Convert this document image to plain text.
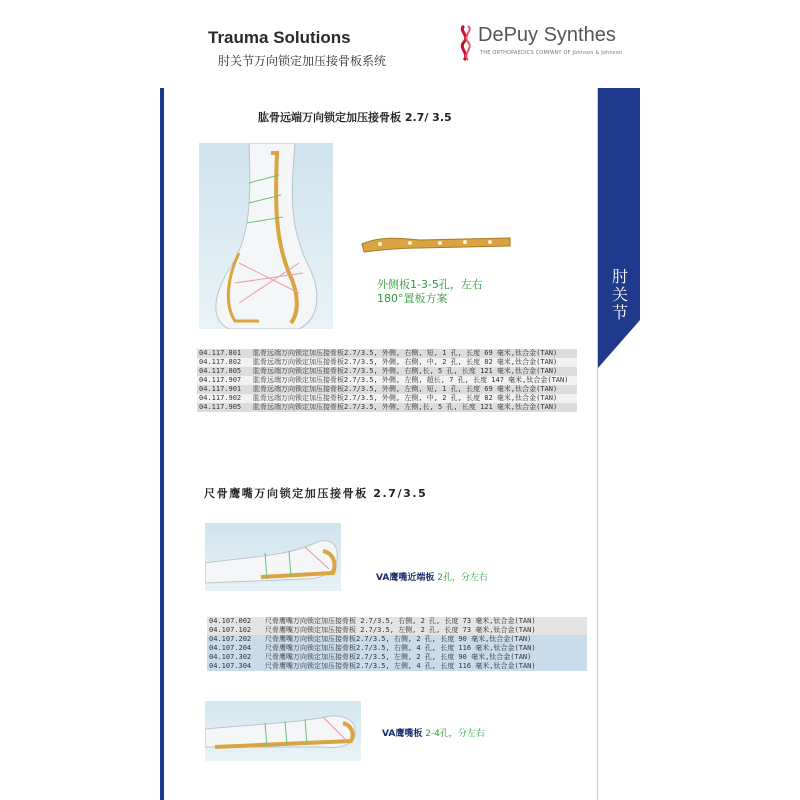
肘关节
Trauma Solutions
肘关节万向锁定加压接骨板系统
DePuy Synthes
THE ORTHOPAEDICS COMPANY OF Johnson & Johnson
肱骨远端万向锁定加压接骨板 2.7/ 3.5
外侧板1-3-5孔，左右
180°置板方案
04.117.801	肱骨远端万向锁定加压接骨板2.7/3.5, 外侧, 右侧, 短, 1 孔, 长度 69 毫米,钛合金(TAN)
04.117.802	肱骨远端万向锁定加压接骨板2.7/3.5, 外侧, 右侧, 中, 2 孔, 长度 82 毫米,钛合金(TAN)
04.117.805	肱骨远端万向锁定加压接骨板2.7/3.5, 外侧, 右侧,长, 5 孔, 长度 121 毫米,钛合金(TAN)
04.117.907	肱骨远端万向锁定加压接骨板2.7/3.5, 外侧, 左侧, 超长, 7 孔, 长度 147 毫米,钛合金(TAN)
04.117.901	肱骨远端万向锁定加压接骨板2.7/3.5, 外侧, 左侧, 短, 1 孔, 长度 69 毫米,钛合金(TAN)
04.117.902	肱骨远端万向锁定加压接骨板2.7/3.5, 外侧, 左侧, 中, 2 孔, 长度 82 毫米,钛合金(TAN)
04.117.905	肱骨远端万向锁定加压接骨板2.7/3.5, 外侧, 左侧,长, 5 孔, 长度 121 毫米,钛合金(TAN)
尺骨鹰嘴万向锁定加压接骨板 2.7/3.5
VA鹰嘴近端板 2孔，分左右
04.107.002	尺骨鹰嘴万向锁定加压接骨板 2.7/3.5, 右侧, 2 孔, 长度 73 毫米,钛合金(TAN)
04.107.102	尺骨鹰嘴万向锁定加压接骨板 2.7/3.5, 左侧, 2 孔, 长度 73 毫米,钛合金(TAN)
04.107.202	尺骨鹰嘴万向锁定加压接骨板2.7/3.5, 右侧, 2 孔, 长度 90 毫米,钛合金(TAN)
04.107.204	尺骨鹰嘴万向锁定加压接骨板2.7/3.5, 右侧, 4 孔, 长度 116 毫米,钛合金(TAN)
04.107.302	尺骨鹰嘴万向锁定加压接骨板2.7/3.5, 左侧, 2 孔, 长度 90 毫米,钛合金(TAN)
04.107.304	尺骨鹰嘴万向锁定加压接骨板2.7/3.5, 左侧, 4 孔, 长度 116 毫米,钛合金(TAN)
VA鹰嘴板 2-4孔，分左右
